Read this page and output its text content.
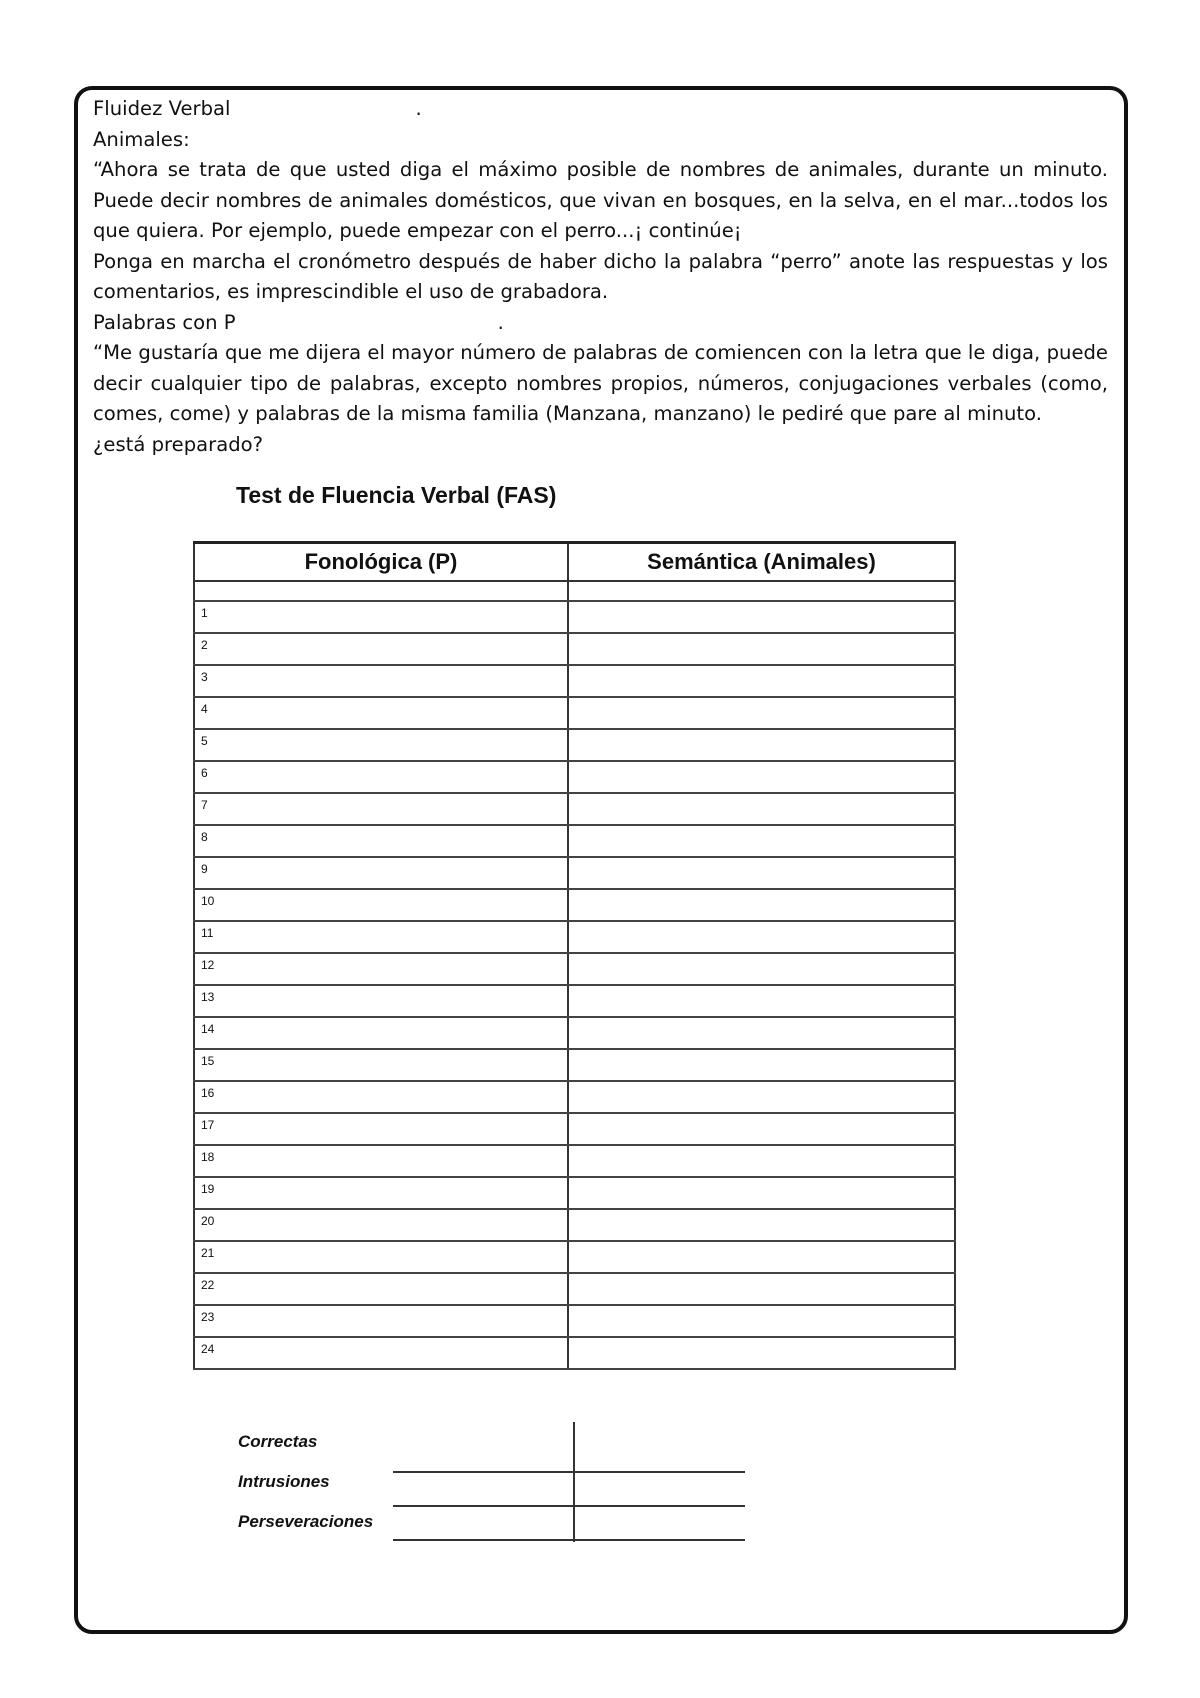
Fluidez Verbal	.

Animales:

“Ahora se trata de que usted diga el máximo posible de nombres de animales, durante un minuto. Puede decir nombres de animales domésticos, que vivan en bosques, en la selva, en el mar...todos los que quiera. Por ejemplo, puede empezar con el perro...¡ continúe¡

Ponga en marcha el cronómetro después de haber dicho la palabra “perro” anote las respuestas y los comentarios, es imprescindible el uso de grabadora.

Palabras con P	.

“Me gustaría que me dijera el mayor número de palabras de comiencen con la letra que le diga, puede decir cualquier tipo de palabras, excepto nombres propios, números, conjugaciones verbales (como, comes, come) y palabras de la misma familia (Manzana, manzano) le pediré que pare al minuto.¿está preparado?

Test de Fluencia Verbal (FAS)
Fonológica (P)	Semántica (Animales)

1	
2	
3	
4	
5	
6	
7	
8	
9	
10	
11	
12	
13	
14	
15	
16	
17	
18	
19	
20	
21	
22	
23	
24	
Correctas
Intrusiones
Perseveraciones
